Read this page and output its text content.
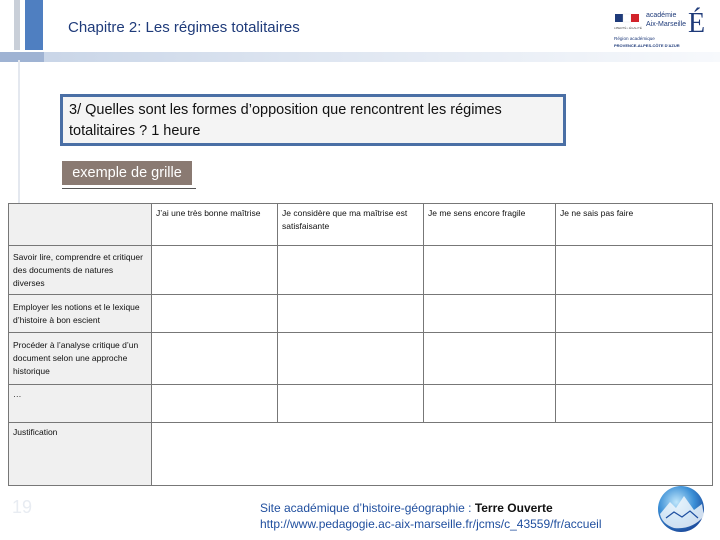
Chapitre 2: Les régimes totalitaires	LIBERTÉ • ÉGALITÉ
académie
Aix-Marseille É
Région académique
PROVENCE-ALPES-CÔTE D'AZUR
3/ Quelles sont les formes d’opposition que rencontrent les régimes totalitaires ? 1 heure
exemple de grille
	J’ai une très bonne maîtrise	Je considère que ma maîtrise est satisfaisante	Je me sens encore fragile	Je ne sais pas faire
Savoir lire, comprendre et critiquer des documents de natures diverses				
Employer les notions et le lexique d’histoire à bon escient				
Procéder à l’analyse critique d’un document selon une approche historique				
…				
Justification				
19	Site académique d’histoire-géographie : Terre Ouverte
http://www.pedagogie.ac-aix-marseille.fr/jcms/c_43559/fr/accueil
